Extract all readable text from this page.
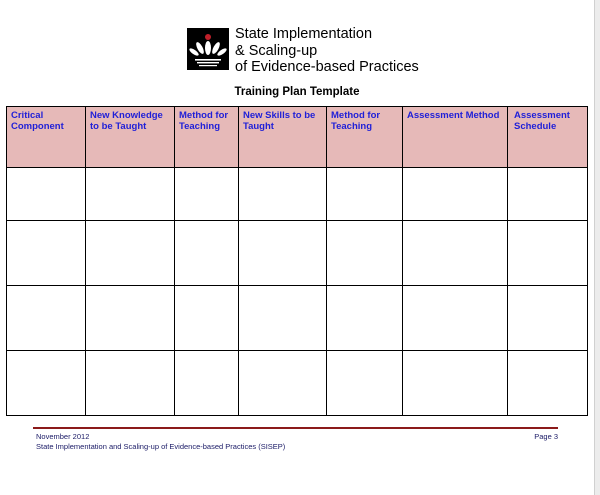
State Implementation
& Scaling-up
of Evidence-based Practices
Training Plan Template
Critical Component	New Knowledge to be Taught	Method for Teaching	New Skills to be Taught	Method for Teaching	Assessment Method	Assessment Schedule

November 2012
State Implementation and Scaling-up of Evidence-based Practices (SISEP)
Page 3
